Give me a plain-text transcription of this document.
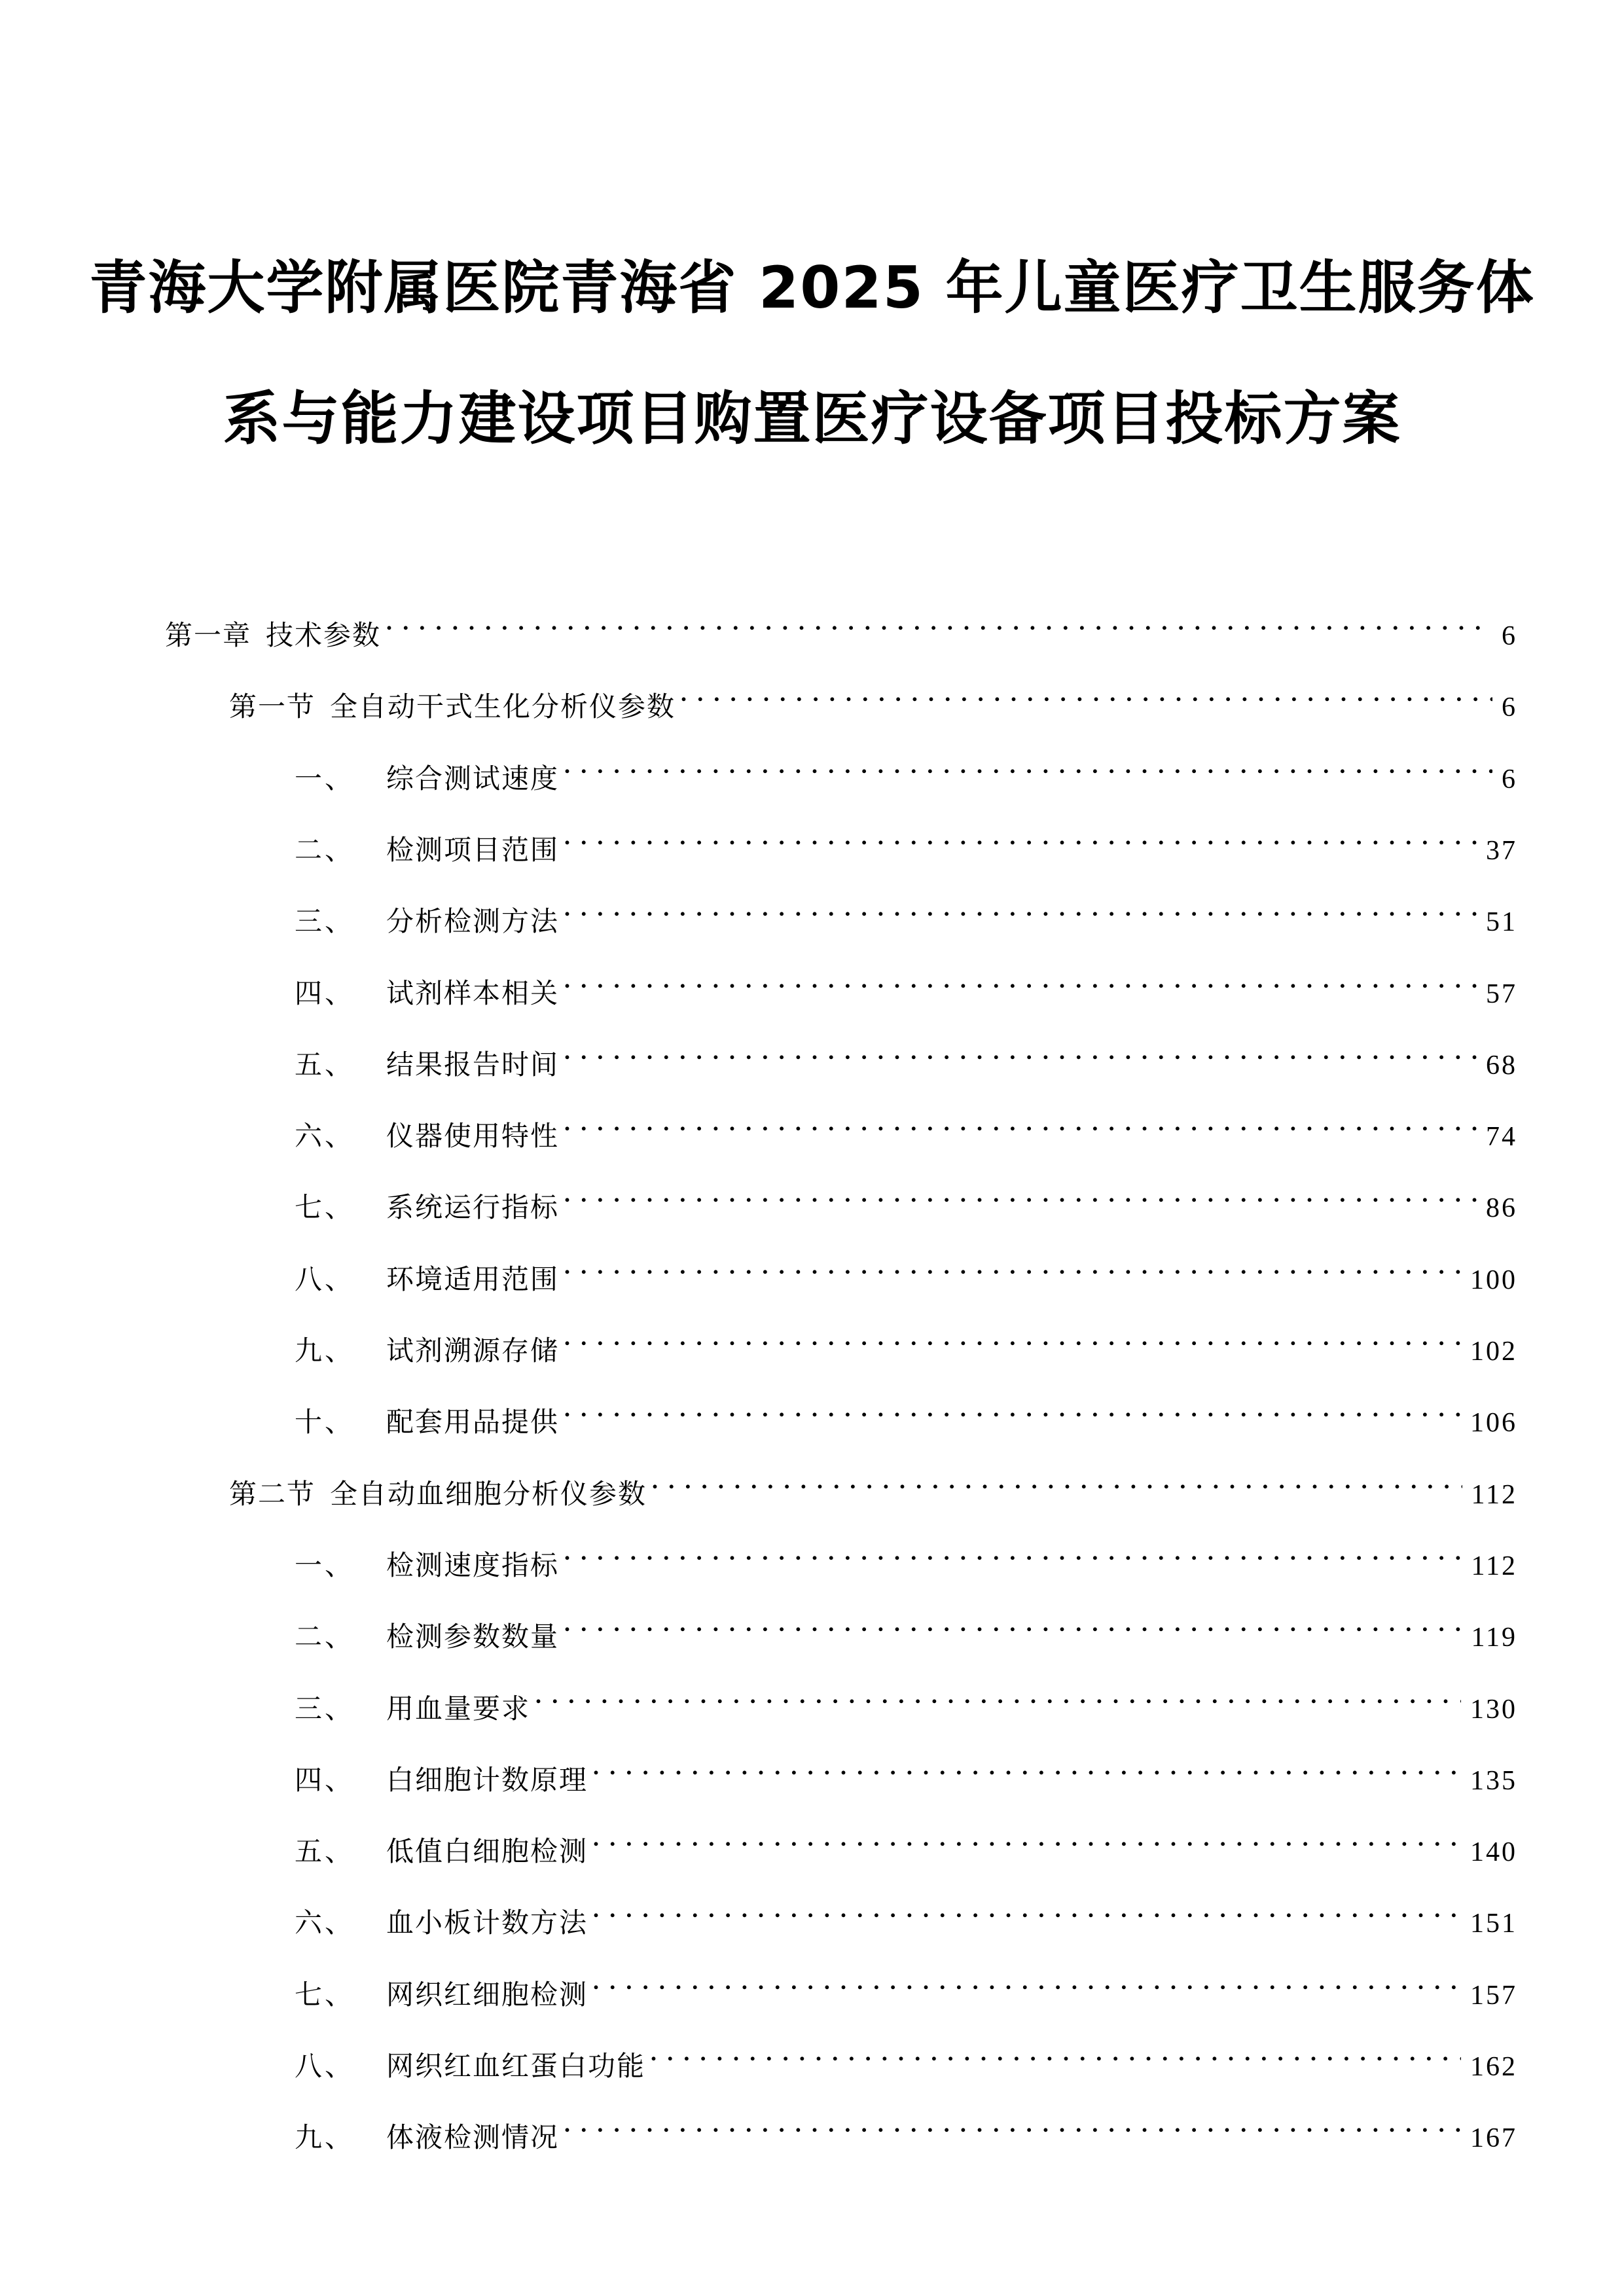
青海大学附属医院青海省 2025 年儿童医疗卫生服务体
系与能力建设项目购置医疗设备项目投标方案
第一章 技术参数 . . .	6
第一节 全自动干式生化分析仪参数 . . .	6
一、	综合测试速度 . . .	6
二、	检测项目范围 . . .	37
三、	分析检测方法 . . .	51
四、	试剂样本相关 . . .	57
五、	结果报告时间 . . .	68
六、	仪器使用特性 . . .	74
七、	系统运行指标 . . .	86
八、	环境适用范围 . . .	100
九、	试剂溯源存储 . . .	102
十、	配套用品提供 . . .	106
第二节 全自动血细胞分析仪参数 . . .	112
一、	检测速度指标 . . .	112
二、	检测参数数量 . . .	119
三、	用血量要求 . . .	130
四、	白细胞计数原理 . . .	135
五、	低值白细胞检测 . . .	140
六、	血小板计数方法 . . .	151
七、	网织红细胞检测 . . .	157
八、	网织红血红蛋白功能 . . .	162
九、	体液检测情况 . . .	167
